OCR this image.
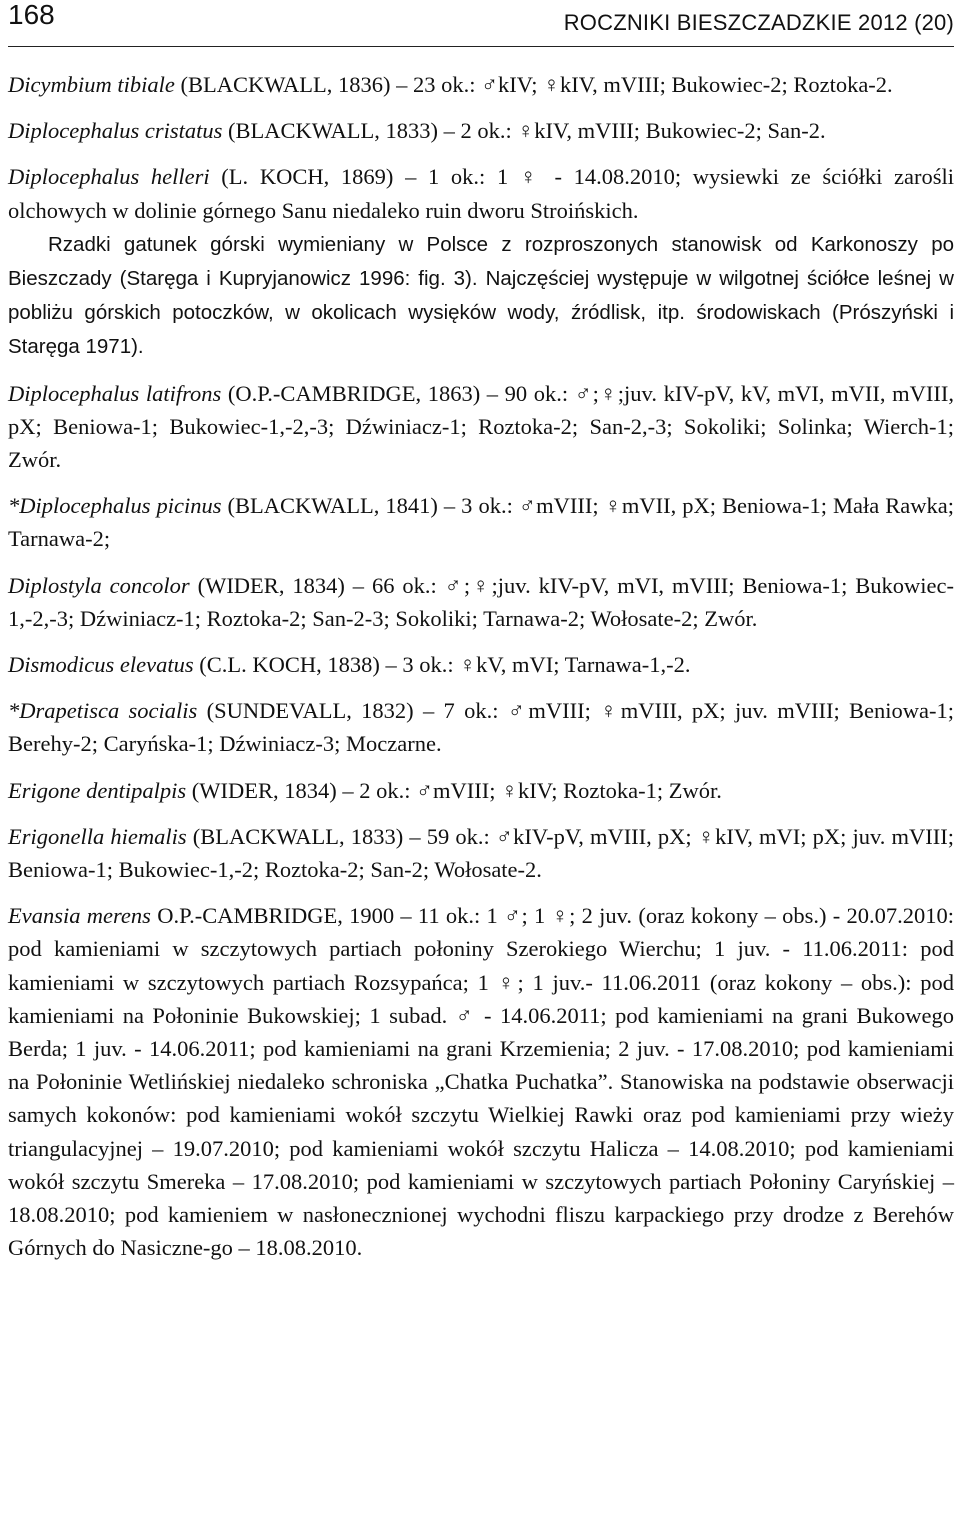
168	ROCZNIKI BIESZCZADZKIE 2012 (20)
Dicymbium tibiale (BLACKWALL, 1836) – 23 ok.: ♂kIV; ♀kIV, mVIII; Bukowiec-2; Roztoka-2.
Diplocephalus cristatus (BLACKWALL, 1833) – 2 ok.: ♀kIV, mVIII; Bukowiec-2; San-2.
Diplocephalus helleri (L. KOCH, 1869) – 1 ok.: 1 ♀ - 14.08.2010; wysiewki ze ściółki zarośli olchowych w dolinie górnego Sanu niedaleko ruin dworu Stroińskich.
Rzadki gatunek górski wymieniany w Polsce z rozproszonych stanowisk od Karkonoszy po Bieszczady (Staręga i Kupryjanowicz 1996: fig. 3). Najczęściej występuje w wilgotnej ściółce leśnej w pobliżu górskich potoczków, w okolicach wysięków wody, źródlisk, itp. środowiskach (Prószyński i Staręga 1971).
Diplocephalus latifrons (O.P.-CAMBRIDGE, 1863) – 90 ok.: ♂;♀;juv. kIV-pV, kV, mVI, mVII, mVIII, pX; Beniowa-1; Bukowiec-1,-2,-3; Dźwiniacz-1; Roztoka-2; San-2,-3; Sokoliki; Solinka; Wierch-1; Zwór.
*Diplocephalus picinus (BLACKWALL, 1841) – 3 ok.: ♂mVIII; ♀mVII, pX; Beniowa-1; Mała Rawka; Tarnawa-2;
Diplostyla concolor (WIDER, 1834) – 66 ok.: ♂;♀;juv. kIV-pV, mVI, mVIII; Beniowa-1; Bukowiec-1,-2,-3; Dźwiniacz-1; Roztoka-2; San-2-3; Sokoliki; Tarnawa-2; Wołosate-2; Zwór.
Dismodicus elevatus (C.L. KOCH, 1838) – 3 ok.: ♀kV, mVI; Tarnawa-1,-2.
*Drapetisca socialis (SUNDEVALL, 1832) – 7 ok.: ♂mVIII; ♀mVIII, pX; juv. mVIII; Beniowa-1; Berehy-2; Caryńska-1; Dźwiniacz-3; Moczarne.
Erigone dentipalpis (WIDER, 1834) – 2 ok.: ♂mVIII; ♀kIV; Roztoka-1; Zwór.
Erigonella hiemalis (BLACKWALL, 1833) – 59 ok.: ♂kIV-pV, mVIII, pX; ♀kIV, mVI; pX; juv. mVIII; Beniowa-1; Bukowiec-1,-2; Roztoka-2; San-2; Wołosate-2.
Evansia merens O.P.-CAMBRIDGE, 1900 – 11 ok.: 1 ♂; 1 ♀; 2 juv. (oraz kokony – obs.) - 20.07.2010: pod kamieniami w szczytowych partiach połoniny Szerokiego Wierchu; 1 juv. - 11.06.2011: pod kamieniami w szczytowych partiach Rozsypańca; 1 ♀; 1 juv.- 11.06.2011 (oraz kokony – obs.): pod kamieniami na Połoninie Bukowskiej; 1 subad. ♂ - 14.06.2011; pod kamieniami na grani Bukowego Berda; 1 juv. - 14.06.2011; pod kamieniami na grani Krzemienia; 2 juv. - 17.08.2010; pod kamieniami na Połoninie Wetlińskiej niedaleko schroniska „Chatka Puchatka”. Stanowiska na podstawie obserwacji samych kokonów: pod kamieniami wokół szczytu Wielkiej Rawki oraz pod kamieniami przy wieży triangulacyjnej – 19.07.2010; pod kamieniami wokół szczytu Halicza – 14.08.2010; pod kamieniami wokół szczytu Smereka – 17.08.2010; pod kamieniami w szczytowych partiach Połoniny Caryńskiej – 18.08.2010; pod kamieniem w nasłonecznionej wychodni fliszu karpackiego przy drodze z Berehów Górnych do Nasiczne-go – 18.08.2010.
